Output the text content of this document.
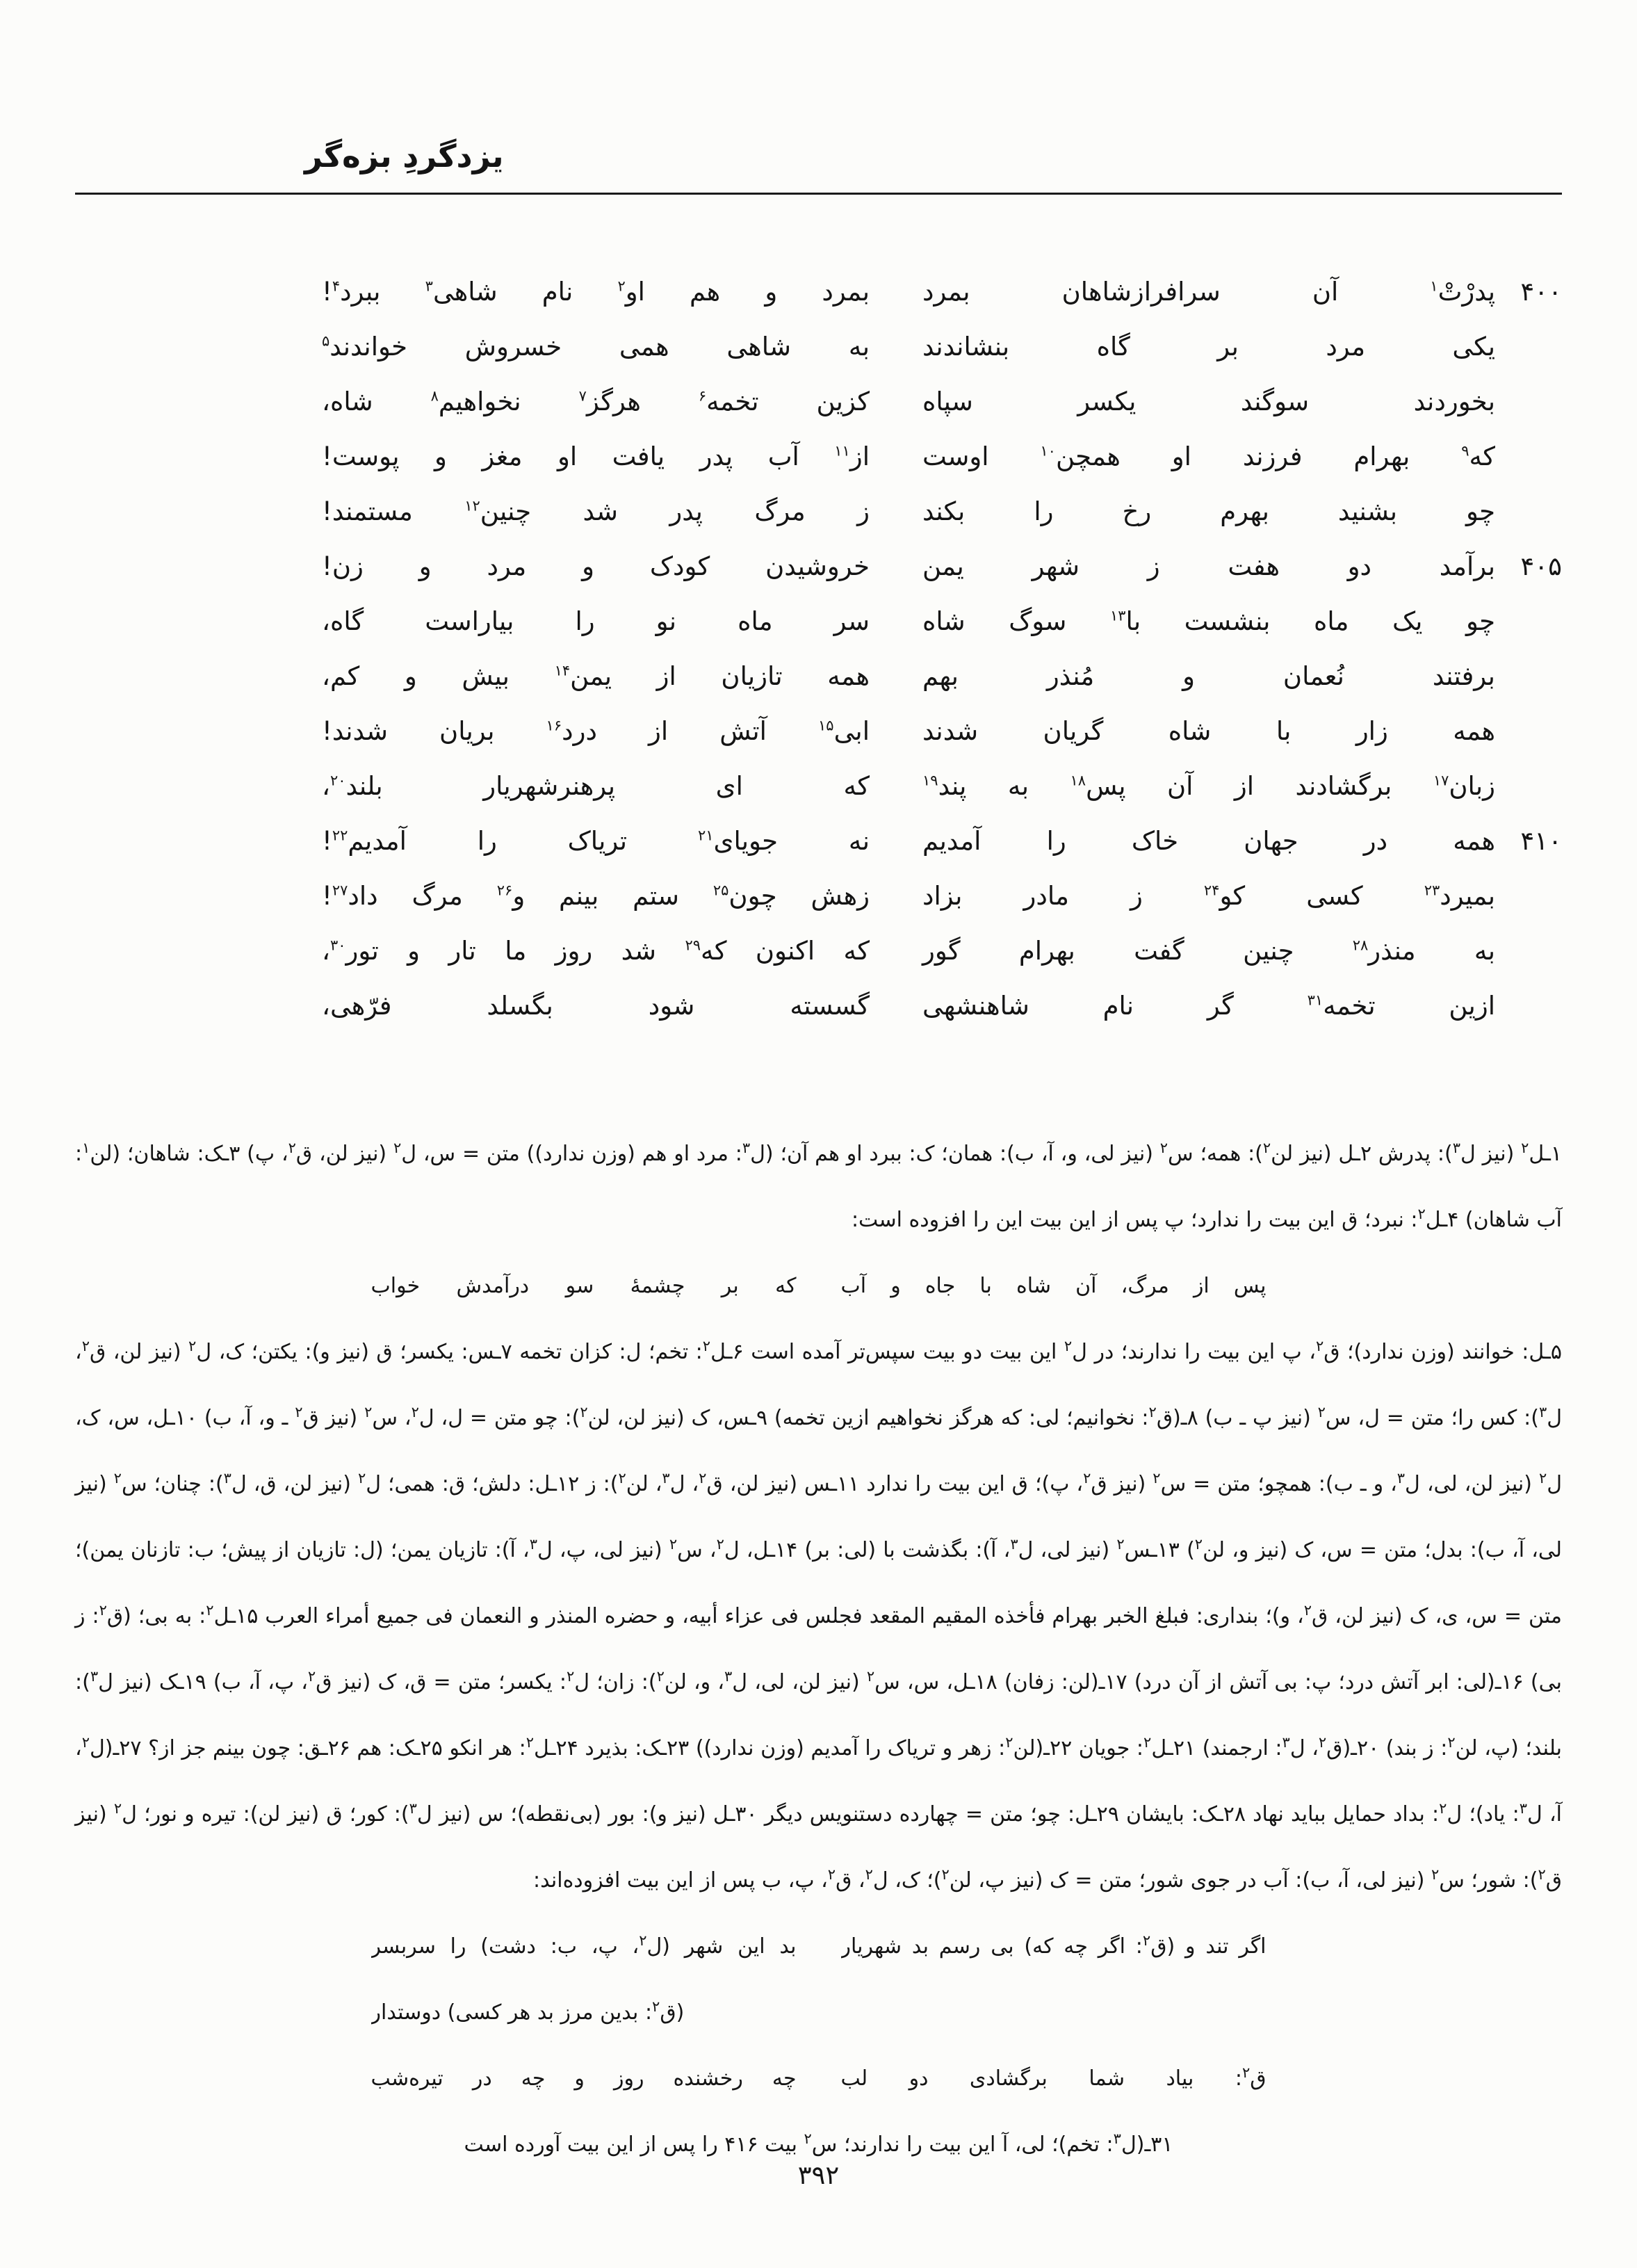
یزدگردِ بزه‌گر
۴۰۰
پدرْتْ$^۱$ آن سرافرازشاهان بمرد
بمرد و هم او$^۲$ نام شاهی$^۳$ ببرد$^۴$!
یکی مرد بر گاه بنشاندند
به شاهی همی خسروش خواندند$^۵$
بخوردند سوگند یکسر سپاه
کزین تخمه$^۶$ هرگز$^۷$ نخواهیم$^۸$ شاه،
که$^۹$ بهرام فرزند او همچن$^{۱۰}$ اوست
از$^{۱۱}$ آب پدر یافت او مغز و پوست!
چو بشنید بهرم رخ را بکند
ز مرگ پدر شد چنین$^{۱۲}$ مستمند!
۴۰۵
برآمد دو هفت ز شهر یمن
خروشیدن کودک و مرد و زن!
چو یک ماه بنشست با$^{۱۳}$ سوگ شاه
سر ماه نو را بیاراست گاه،
برفتند نُعمان و مُنذر بهم
همه تازیان از یمن$^{۱۴}$ بیش و کم،
همه زار با شاه گریان شدند
ابی$^{۱۵}$ آتش از درد$^{۱۶}$ بریان شدند!
زبان$^{۱۷}$ برگشادند از آن پس$^{۱۸}$ به پند$^{۱۹}$
که ای پرهنرشهریار بلند$^{۲۰}$،
۴۱۰
همه در جهان خاک را آمدیم
نه جویای$^{۲۱}$ تریاک را آمدیم$^{۲۲}$!
بمیرد$^{۲۳}$ کسی کو$^{۲۴}$ ز مادر بزاد
زهش چون$^{۲۵}$ ستم بینم و$^{۲۶}$ مرگ داد$^{۲۷}$!
به منذر$^{۲۸}$ چنین گفت بهرام گور
که اکنون که$^{۲۹}$ شد روز ما تار و تور$^{۳۰}$،
ازین تخمه$^{۳۱}$ گر نام شاهنشهی
گسسته شود بگسلد فرّهی،
۱ـل$^۲$ (نیز ل$^۳$): پدرش ۲ـل (نیز لن$^۲$): همه؛ س$^۲$ (نیز لی، و، آ، ب): همان؛ ک: ببرد او هم آن؛ (ل$^۳$: مرد او هم (وزن ندارد)) متن = س، ل$^۲$ (نیز لن، ق$^۲$، پ) ۳ـک: شاهان؛ (لن$^۱$: آب شاهان) ۴ـل$^۲$: نبرد؛ ق این بیت را ندارد؛ پ پس از این بیت این را افزوده است:
پس از مرگ، آن شاه با جاه و آب
که بر چشمهٔ سو درآمدش خواب
۵ـل: خوانند (وزن ندارد)؛ ق$^۲$، پ این بیت را ندارند؛ در ل$^۲$ این بیت دو بیت سپس‌تر آمده است ۶ـل$^۲$: تخم؛ ل: کزان تخمه ۷ـس: یکسر؛ ق (نیز و): یکتن؛ ک، ل$^۲$ (نیز لن، ق$^۲$، ل$^۳$): کس را؛ متن = ل، س$^۲$ (نیز پ ـ ب) ۸ـ(ق$^۲$: نخوانیم؛ لی: که هرگز نخواهیم ازین تخمه) ۹ـس، ک (نیز لن، لن$^۲$): چو متن = ل، ل$^۲$، س$^۲$ (نیز ق$^۲$ ـ و، آ، ب) ۱۰ـل، س، ک، ل$^۲$ (نیز لن، لی، ل$^۳$، و ـ ب): همچو؛ متن = س$^۲$ (نیز ق$^۲$، پ)؛ ق این بیت را ندارد ۱۱ـس (نیز لن، ق$^۲$، ل$^۳$، لن$^۲$): ز ۱۲ـل: دلش؛ ق: همی؛ ل$^۲$ (نیز لن، ق، ل$^۳$): چنان؛ س$^۲$ (نیز لی، آ، ب): بدل؛ متن = س، ک (نیز و، لن$^۲$) ۱۳ـس$^۲$ (نیز لی، ل$^۳$، آ): بگذشت با (لی: بر) ۱۴ـل، ل$^۲$، س$^۲$ (نیز لی، پ، ل$^۳$، آ): تازیان یمن؛ (ل: تازیان از پیش؛ ب: تازنان یمن)؛ متن = س، ی، ک (نیز لن، ق$^۲$، و)؛ بنداری: فبلغ الخبر بهرام فأخذه المقیم المقعد فجلس فی عزاء أبیه، و حضره المنذر و النعمان فی جمیع أمراء العرب ۱۵ـل$^۲$: به بی؛ (ق$^۲$: ز بی) ۱۶ـ(لی: ابر آتش درد؛ پ: بی آتش از آن درد) ۱۷ـ(لن: زفان) ۱۸ـل، س، س$^۲$ (نیز لن، لی، ل$^۳$، و، لن$^۲$): زان؛ ل$^۲$: یکسر؛ متن = ق، ک (نیز ق$^۲$، پ، آ، ب) ۱۹ـک (نیز ل$^۳$): بلند؛ (پ، لن$^۲$: ز بند) ۲۰ـ(ق$^۲$، ل$^۳$: ارجمند) ۲۱ـل$^۲$: جویان ۲۲ـ(لن$^۲$: زهر و تریاک را آمدیم (وزن ندارد)) ۲۳ـک: بذیرد ۲۴ـل$^۲$: هر انکو ۲۵ـک: هم ۲۶ـق: چون بینم جز از؟ ۲۷ـ(ل$^۲$، آ، ل$^۳$: یاد)؛ ل$^۲$: بداد حمایل بباید نهاد ۲۸ـک: بایشان ۲۹ـل: چو؛ متن = چهارده دستنویس دیگر ۳۰ـل (نیز و): بور (بی‌نقطه)؛ س (نیز ل$^۳$): کور؛ ق (نیز لن): تیره و نور؛ ل$^۲$ (نیز ق$^۲$): شور؛ س$^۲$ (نیز لی، آ، ب): آب در جوی شور؛ متن = ک (نیز پ، لن$^۲$)؛ ک، ل$^۲$، ق$^۲$، پ، ب پس از این بیت افزوده‌اند:
اگر تند و (ق$^۲$: اگر چه که) بی رسم بد شهریار
بد این شهر (ل$^۲$، پ، ب: دشت) را سربسر
(ق$^۲$: بدین مرز بد هر کسی) دوستدار
ق$^۲$: بیاد شما برگشادی دو لب
چه رخشنده روز و چه در تیره‌شب
۳۱ـ(ل$^۳$: تخم)؛ لی، آ این بیت را ندارند؛ س$^۲$ بیت ۴۱۶ را پس از این بیت آورده است
۳۹۲
